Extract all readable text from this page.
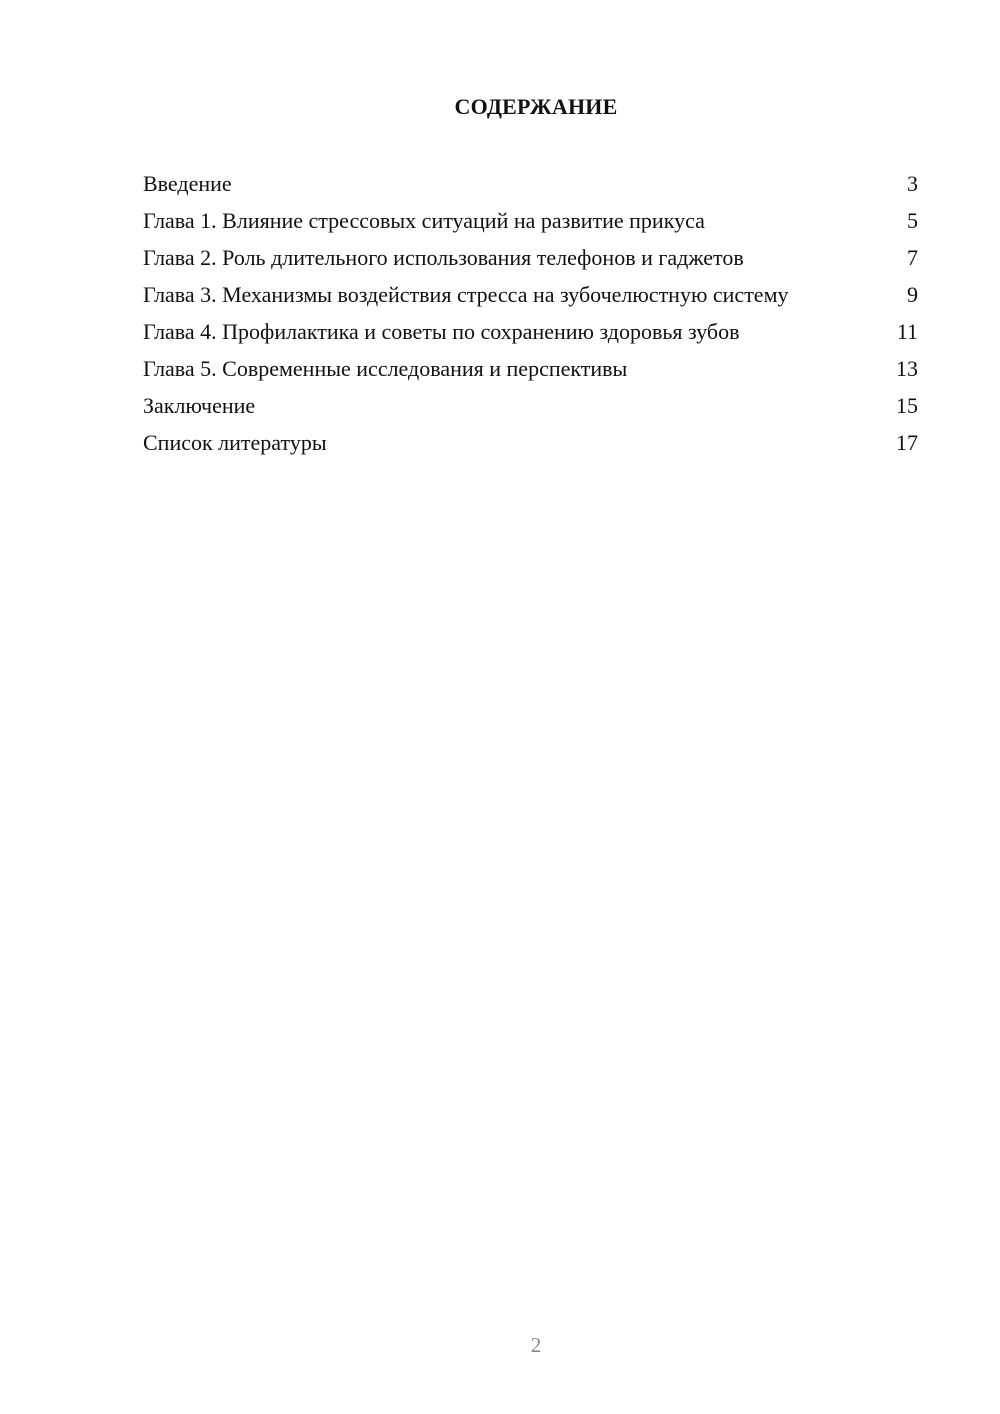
СОДЕРЖАНИЕ
Введение	3
Глава 1. Влияние стрессовых ситуаций на развитие прикуса	5
Глава 2. Роль длительного использования телефонов и гаджетов	7
Глава 3. Механизмы воздействия стресса на зубочелюстную систему	9
Глава 4. Профилактика и советы по сохранению здоровья зубов	11
Глава 5. Современные исследования и перспективы	13
Заключение	15
Список литературы	17

2
